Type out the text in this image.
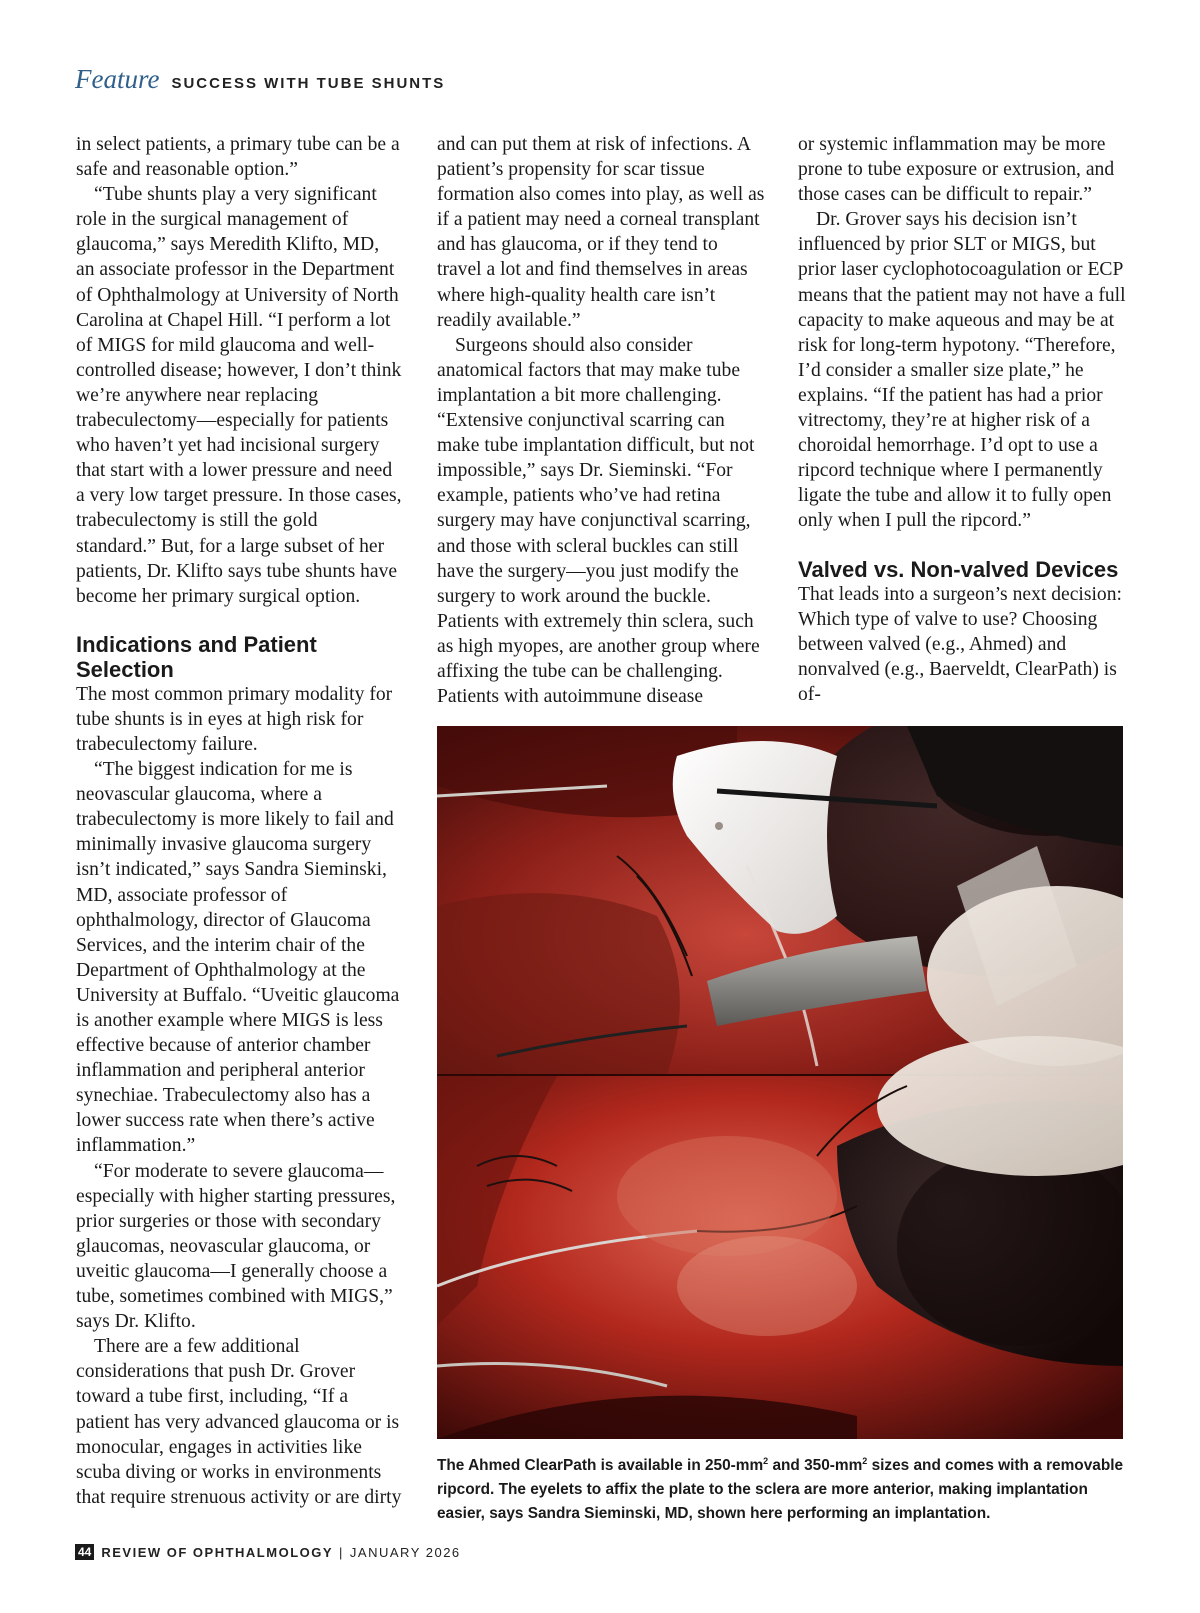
Feature SUCCESS WITH TUBE SHUNTS

in select patients, a primary tube can be a safe and reasonable option.”

“Tube shunts play a very significant role in the surgical management of glaucoma,” says Meredith Klifto, MD, an associate professor in the Department of Ophthalmology at University of North Carolina at Chapel Hill. “I perform a lot of MIGS for mild glaucoma and well-controlled disease; however, I don’t think we’re anywhere near replacing trabeculectomy—especially for patients who haven’t yet had incisional surgery that start with a lower pressure and need a very low target pressure. In those cases, trabeculectomy is still the gold standard.” But, for a large subset of her patients, Dr. Klifto says tube shunts have become her primary surgical option.

Indications and Patient Selection

The most common primary modality for tube shunts is in eyes at high risk for trabeculectomy failure.

“The biggest indication for me is neovascular glaucoma, where a trabeculectomy is more likely to fail and minimally invasive glaucoma surgery isn’t indicated,” says Sandra Sieminski, MD, associate professor of ophthalmology, director of Glaucoma Services, and the interim chair of the Department of Ophthalmology at the University at Buffalo. “Uveitic glaucoma is another example where MIGS is less effective because of anterior chamber inflammation and peripheral anterior synechiae. Trabeculectomy also has a lower success rate when there’s active inflammation.”

“For moderate to severe glaucoma—especially with higher starting pressures, prior surgeries or those with secondary glaucomas, neovascular glaucoma, or uveitic glaucoma—I generally choose a tube, sometimes combined with MIGS,” says Dr. Klifto.

There are a few additional considerations that push Dr. Grover toward a tube first, including, “If a patient has very advanced glaucoma or is monocular, engages in activities like scuba diving or works in environments that require strenuous activity or are dirty

and can put them at risk of infections. A patient’s propensity for scar tissue formation also comes into play, as well as if a patient may need a corneal transplant and has glaucoma, or if they tend to travel a lot and find themselves in areas where high-quality health care isn’t readily available.”

Surgeons should also consider anatomical factors that may make tube implantation a bit more challenging. “Extensive conjunctival scarring can make tube implantation difficult, but not impossible,” says Dr. Sieminski. “For example, patients who’ve had retina surgery may have conjunctival scarring, and those with scleral buckles can still have the surgery—you just modify the surgery to work around the buckle. Patients with extremely thin sclera, such as high myopes, are another group where affixing the tube can be challenging. Patients with autoimmune disease

or systemic inflammation may be more prone to tube exposure or extrusion, and those cases can be difficult to repair.”

Dr. Grover says his decision isn’t influenced by prior SLT or MIGS, but prior laser cyclophotocoagulation or ECP means that the patient may not have a full capacity to make aqueous and may be at risk for long-term hypotony. “Therefore, I’d consider a smaller size plate,” he explains. “If the patient has had a prior vitrectomy, they’re at higher risk of a choroidal hemorrhage. I’d opt to use a ripcord technique where I permanently ligate the tube and allow it to fully open only when I pull the ripcord.”

Valved vs. Non-valved Devices

That leads into a surgeon’s next decision: Which type of valve to use? Choosing between valved (e.g., Ahmed) and nonvalved (e.g., Baerveldt, ClearPath) is of-

The Ahmed ClearPath is available in $250-mm^2$ and $350-mm^2$ sizes and comes with a removable ripcord. The eyelets to affix the plate to the sclera are more anterior, making implantation easier, says Sandra Sieminski, MD, shown here performing an implantation.
44 REVIEW OF OPHTHALMOLOGY | JANUARY 2026
